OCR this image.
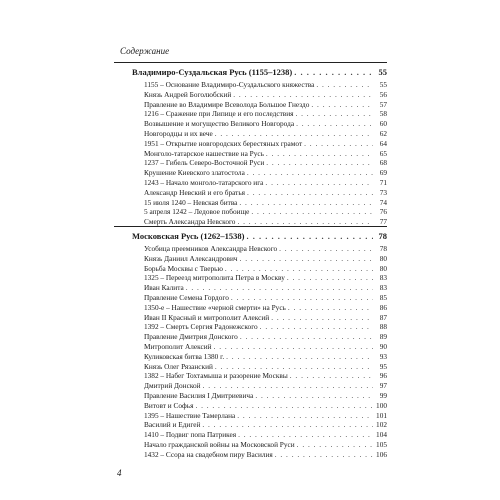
Содержание
Владимиро-Суздальская Русь (1155–1238) . . .	55
1155 – Основание Владимиро-Суздальского княжества . . .	55
Князь Андрей Боголюбский . . .	56
Правление во Владимире Всеволода Большое Гнездо . . .	57
1216 – Сражение при Липице и его последствия . . .	58
Возвышение и могущество Великого Новгорода . . .	60
Новгородцы и их вече . . .	62
1951 – Открытие новгородских берестяных грамот . . .	64
Монголо-татарское нашествие на Русь . . .	65
1237 – Гибель Северо-Восточной Руси . . .	68
Крушение Киевского златостола . . .	69
1243 – Начало монголо-татарского ига . . .	71
Александр Невский и его братья . . .	73
15 июля 1240 – Невская битва . . .	74
5 апреля 1242 – Ледовое побоище . . .	76
Смерть Александра Невского . . .	77
Московская Русь (1262–1538) . . .	78
Усобица преемников Александра Невского . . .	78
Князь Даниил Александрович . . .	80
Борьба Москвы с Тверью . . .	80
1325 – Переезд митрополита Петра в Москву . . .	83
Иван Калита . . .	83
Правление Семена Гордого . . .	85
1350-е – Нашествие «черной смерти» на Русь . . .	86
Иван II Красный и митрополит Алексий . . .	87
1392 – Смерть Сергия Радонежского . . .	88
Правление Дмитрия Донского . . .	89
Митрополит Алексий . . .	90
Куликовская битва 1380 г. . . .	93
Князь Олег Рязанский . . .	95
1382 – Набег Тохтамыша и разорение Москвы . . .	96
Дмитрий Донской . . .	97
Правление Василия I Дмитриевича . . .	99
Витовт и Софья . . .	100
1395 – Нашествие Тамерлана . . .	101
Василий и Едигей . . .	102
1410 – Подвиг попа Патрикея . . .	104
Начало гражданской войны на Московской Руси . . .	105
1432 – Ссора на свадебном пиру Василия . . .	106
4
